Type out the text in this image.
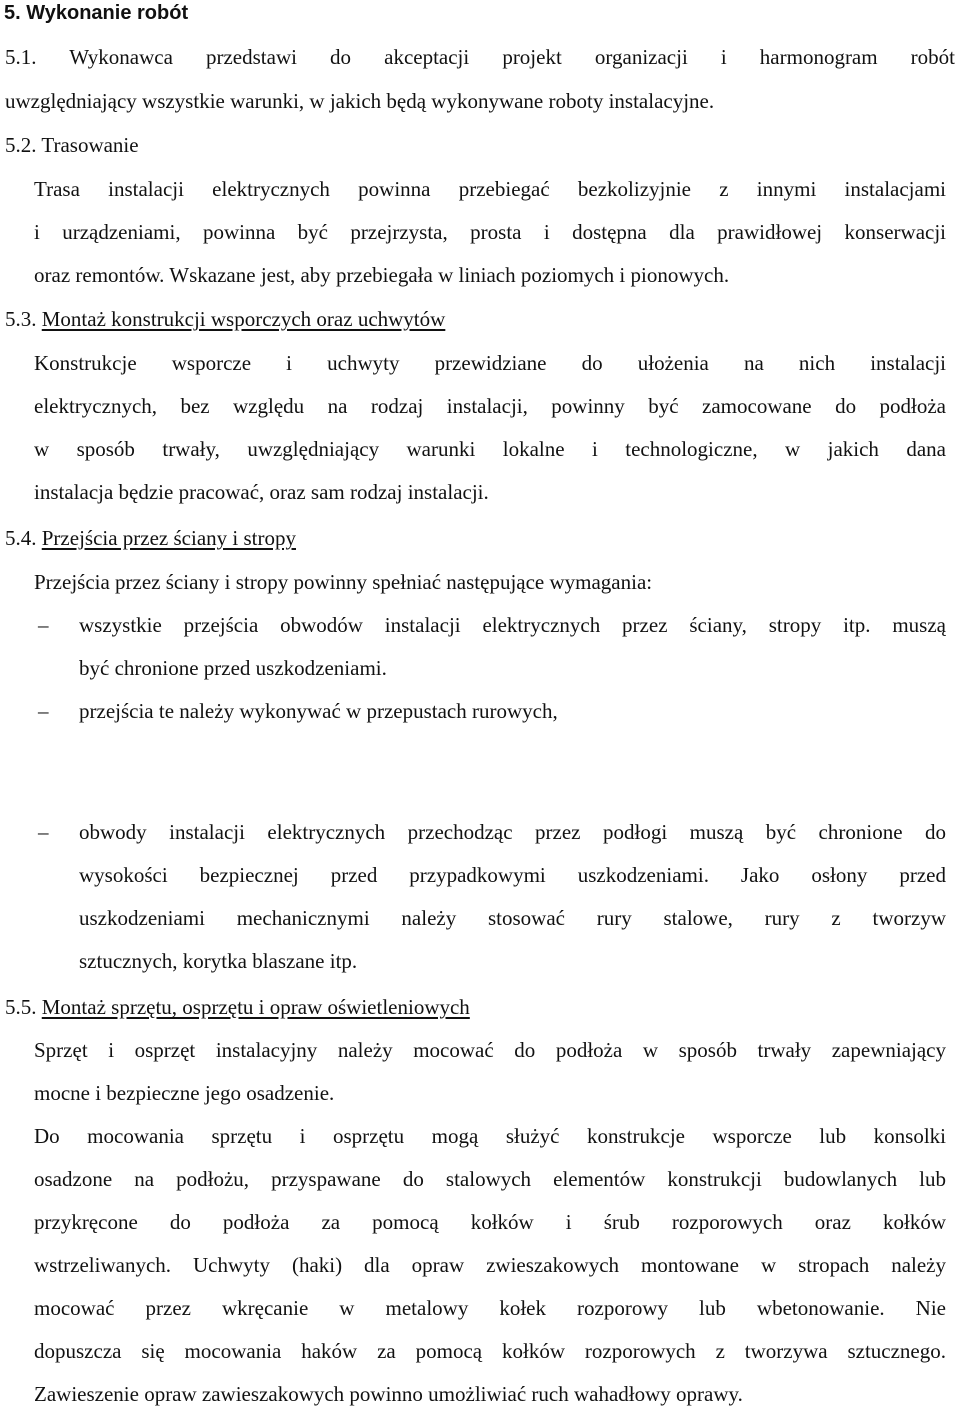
5. Wykonanie robót
5.1. Wykonawca przedstawi do akceptacji projekt organizacji i harmonogram robót
uwzględniający wszystkie warunki, w jakich będą wykonywane roboty instalacyjne.
5.2. Trasowanie
Trasa instalacji elektrycznych powinna przebiegać bezkolizyjnie z innymi instalacjami
i urządzeniami, powinna być przejrzysta, prosta i dostępna dla prawidłowej konserwacji
oraz remontów. Wskazane jest, aby przebiegała w liniach poziomych i pionowych.
5.3. Montaż konstrukcji wsporczych oraz uchwytów
Konstrukcje wsporcze i uchwyty przewidziane do ułożenia na nich instalacji
elektrycznych, bez względu na rodzaj instalacji, powinny być zamocowane do podłoża
w sposób trwały, uwzględniający warunki lokalne i technologiczne, w jakich dana
instalacja będzie pracować, oraz sam rodzaj instalacji.
5.4. Przejścia przez ściany i stropy
Przejścia przez ściany i stropy powinny spełniać następujące wymagania:
– wszystkie przejścia obwodów instalacji elektrycznych przez ściany, stropy itp. muszą
być chronione przed uszkodzeniami.
– przejścia te należy wykonywać w przepustach rurowych,
– obwody instalacji elektrycznych przechodząc przez podłogi muszą być chronione do
wysokości bezpiecznej przed przypadkowymi uszkodzeniami. Jako osłony przed
uszkodzeniami mechanicznymi należy stosować rury stalowe, rury z tworzyw
sztucznych, korytka blaszane itp.
5.5. Montaż sprzętu, osprzętu i opraw oświetleniowych
Sprzęt i osprzęt instalacyjny należy mocować do podłoża w sposób trwały zapewniający
mocne i bezpieczne jego osadzenie.
Do mocowania sprzętu i osprzętu mogą służyć konstrukcje wsporcze lub konsolki
osadzone na podłożu, przyspawane do stalowych elementów konstrukcji budowlanych lub
przykręcone do podłoża za pomocą kołków i śrub rozporowych oraz kołków
wstrzeliwanych. Uchwyty (haki) dla opraw zwieszakowych montowane w stropach należy
mocować przez wkręcanie w metalowy kołek rozporowy lub wbetonowanie. Nie
dopuszcza się mocowania haków za pomocą kołków rozporowych z tworzywa sztucznego.
Zawieszenie opraw zawieszakowych powinno umożliwiać ruch wahadłowy oprawy.
